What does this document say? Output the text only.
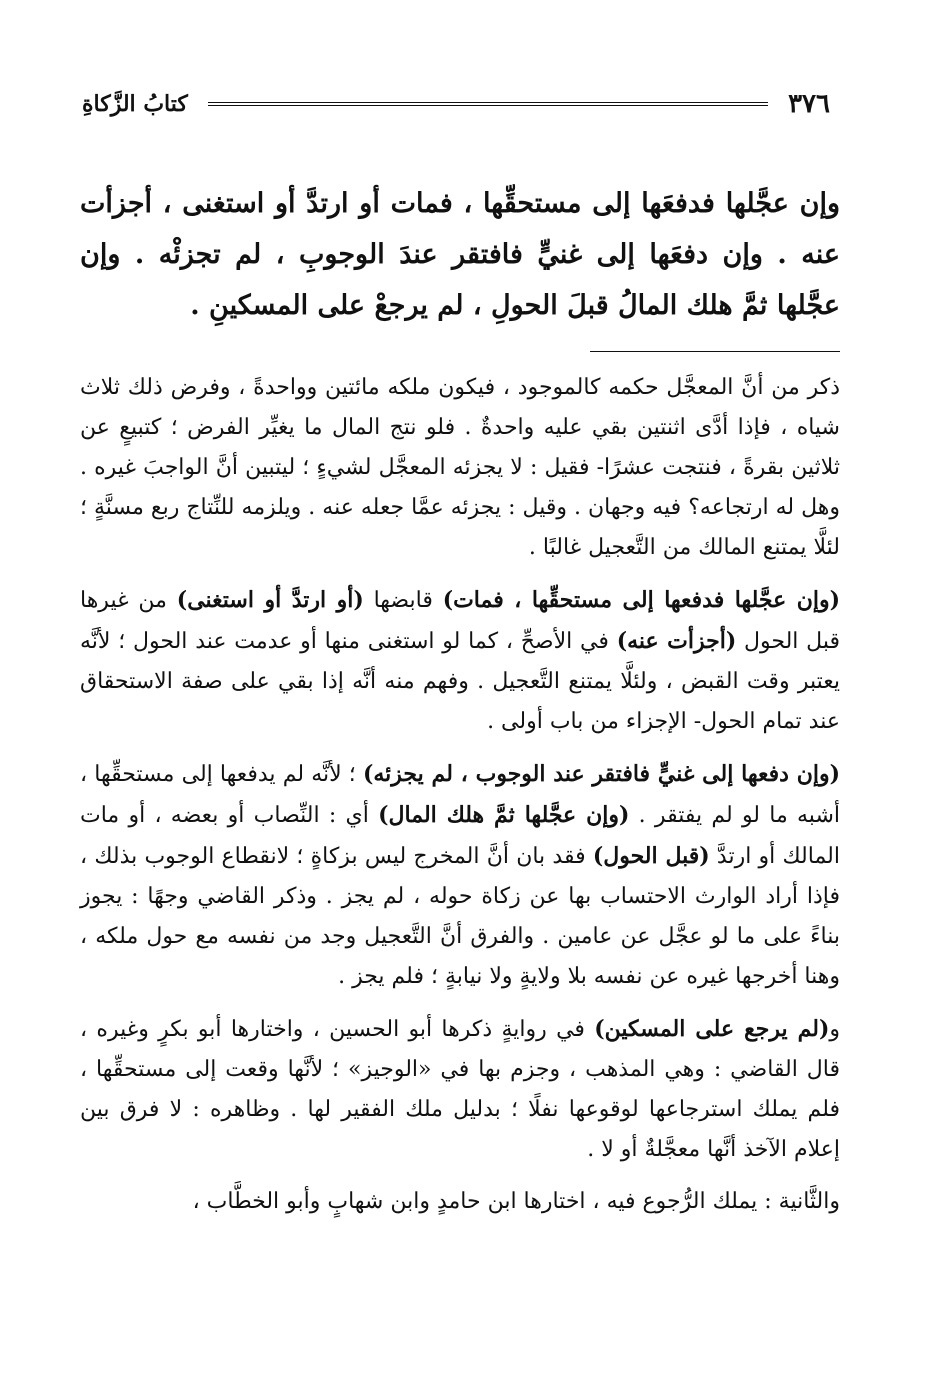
٣٧٦
كتابُ الزَّكاةِ
وإن عجَّلها فدفعَها إلى مستحقِّها ، فمات أو ارتدَّ أو استغنى ، أجزأت عنه . وإن دفعَها إلى غنيٍّ فافتقر عندَ الوجوبِ ، لم تجزئْه . وإن عجَّلها ثمَّ هلك المالُ قبلَ الحولِ ، لم يرجعْ على المسكينِ .

ذكر من أنَّ المعجَّل حكمه كالموجود ، فيكون ملكه مائتين وواحدةً ، وفرض ذلك ثلاث شياه ، فإذا أدَّى اثنتين بقي عليه واحدةٌ . فلو نتج المال ما يغيِّر الفرض ؛ كتبيعٍ عن ثلاثين بقرةً ، فنتجت عشرًا- فقيل : لا يجزئه المعجَّل لشيءٍ ؛ ليتبين أنَّ الواجبَ غيره . وهل له ارتجاعه؟ فيه وجهان . وقيل : يجزئه عمَّا جعله عنه . ويلزمه للنِّتاج ربع مسنَّةٍ ؛ لئلَّا يمتنع المالك من التَّعجيل غالبًا .

(وإن عجَّلها فدفعها إلى مستحقِّها ، فمات) قابضها (أو ارتدَّ أو استغنى) من غيرها قبل الحول (أجزأت عنه) في الأصحِّ ، كما لو استغنى منها أو عدمت عند الحول ؛ لأنَّه يعتبر وقت القبض ، ولئلَّا يمتنع التَّعجيل . وفهم منه أنَّه إذا بقي على صفة الاستحقاق عند تمام الحول- الإجزاء من باب أولى .

(وإن دفعها إلى غنيٍّ فافتقر عند الوجوب ، لم يجزئه) ؛ لأنَّه لم يدفعها إلى مستحقِّها ، أشبه ما لو لم يفتقر . (وإن عجَّلها ثمَّ هلك المال) أي : النِّصاب أو بعضه ، أو مات المالك أو ارتدَّ (قبل الحول) فقد بان أنَّ المخرج ليس بزكاةٍ ؛ لانقطاع الوجوب بذلك ، فإذا أراد الوارث الاحتساب بها عن زكاة حوله ، لم يجز . وذكر القاضي وجهًا : يجوز بناءً على ما لو عجَّل عن عامين . والفرق أنَّ التَّعجيل وجد من نفسه مع حول ملكه ، وهنا أخرجها غيره عن نفسه بلا ولايةٍ ولا نيابةٍ ؛ فلم يجز .

و(لم يرجع على المسكين) في روايةٍ ذكرها أبو الحسين ، واختارها أبو بكرٍ وغيره ، قال القاضي : وهي المذهب ، وجزم بها في «الوجيز» ؛ لأنَّها وقعت إلى مستحقِّها ، فلم يملك استرجاعها لوقوعها نفلًا ؛ بدليل ملك الفقير لها . وظاهره : لا فرق بين إعلام الآخذ أنَّها معجَّلةٌ أو لا .

والثَّانية : يملك الرُّجوع فيه ، اختارها ابن حامدٍ وابن شهابٍ وأبو الخطَّاب ،
